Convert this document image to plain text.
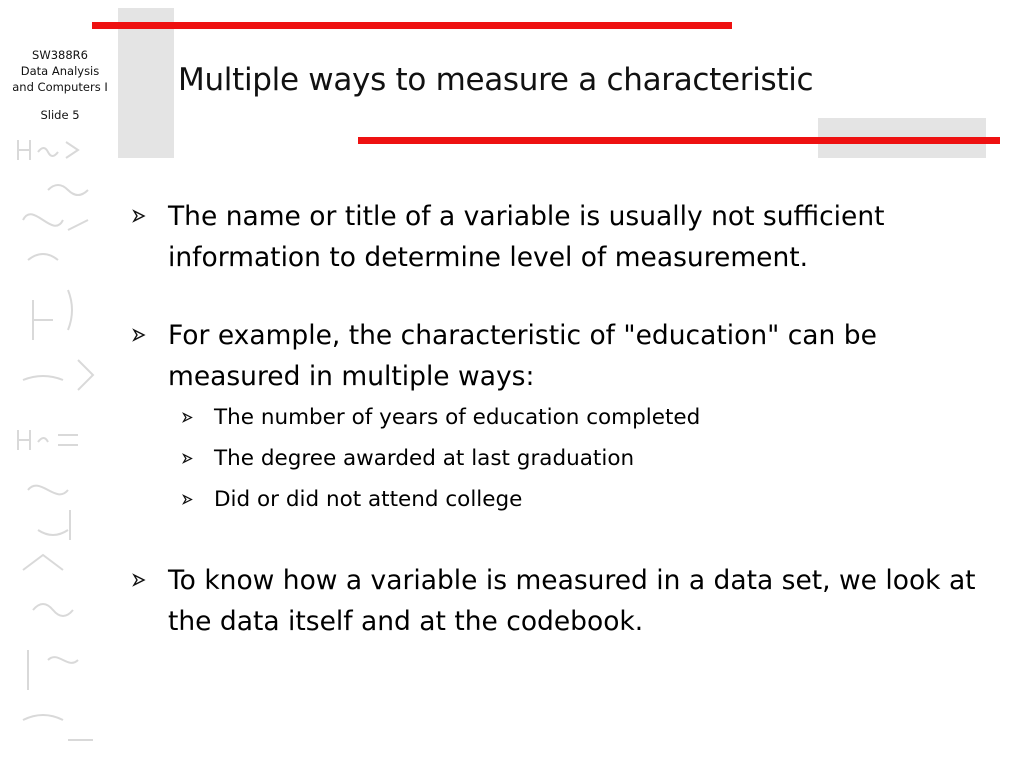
SW388R6
Data Analysis
and Computers I
Slide 5
Multiple ways to measure a characteristic
The name or title of a variable is usually not sufficient information to determine level of measurement.
For example, the characteristic of "education" can be measured in multiple ways:
The number of years of education completed
The degree awarded at last graduation
Did or did not attend college
To know how a variable is measured in a data set, we look at the data itself and at the codebook.
